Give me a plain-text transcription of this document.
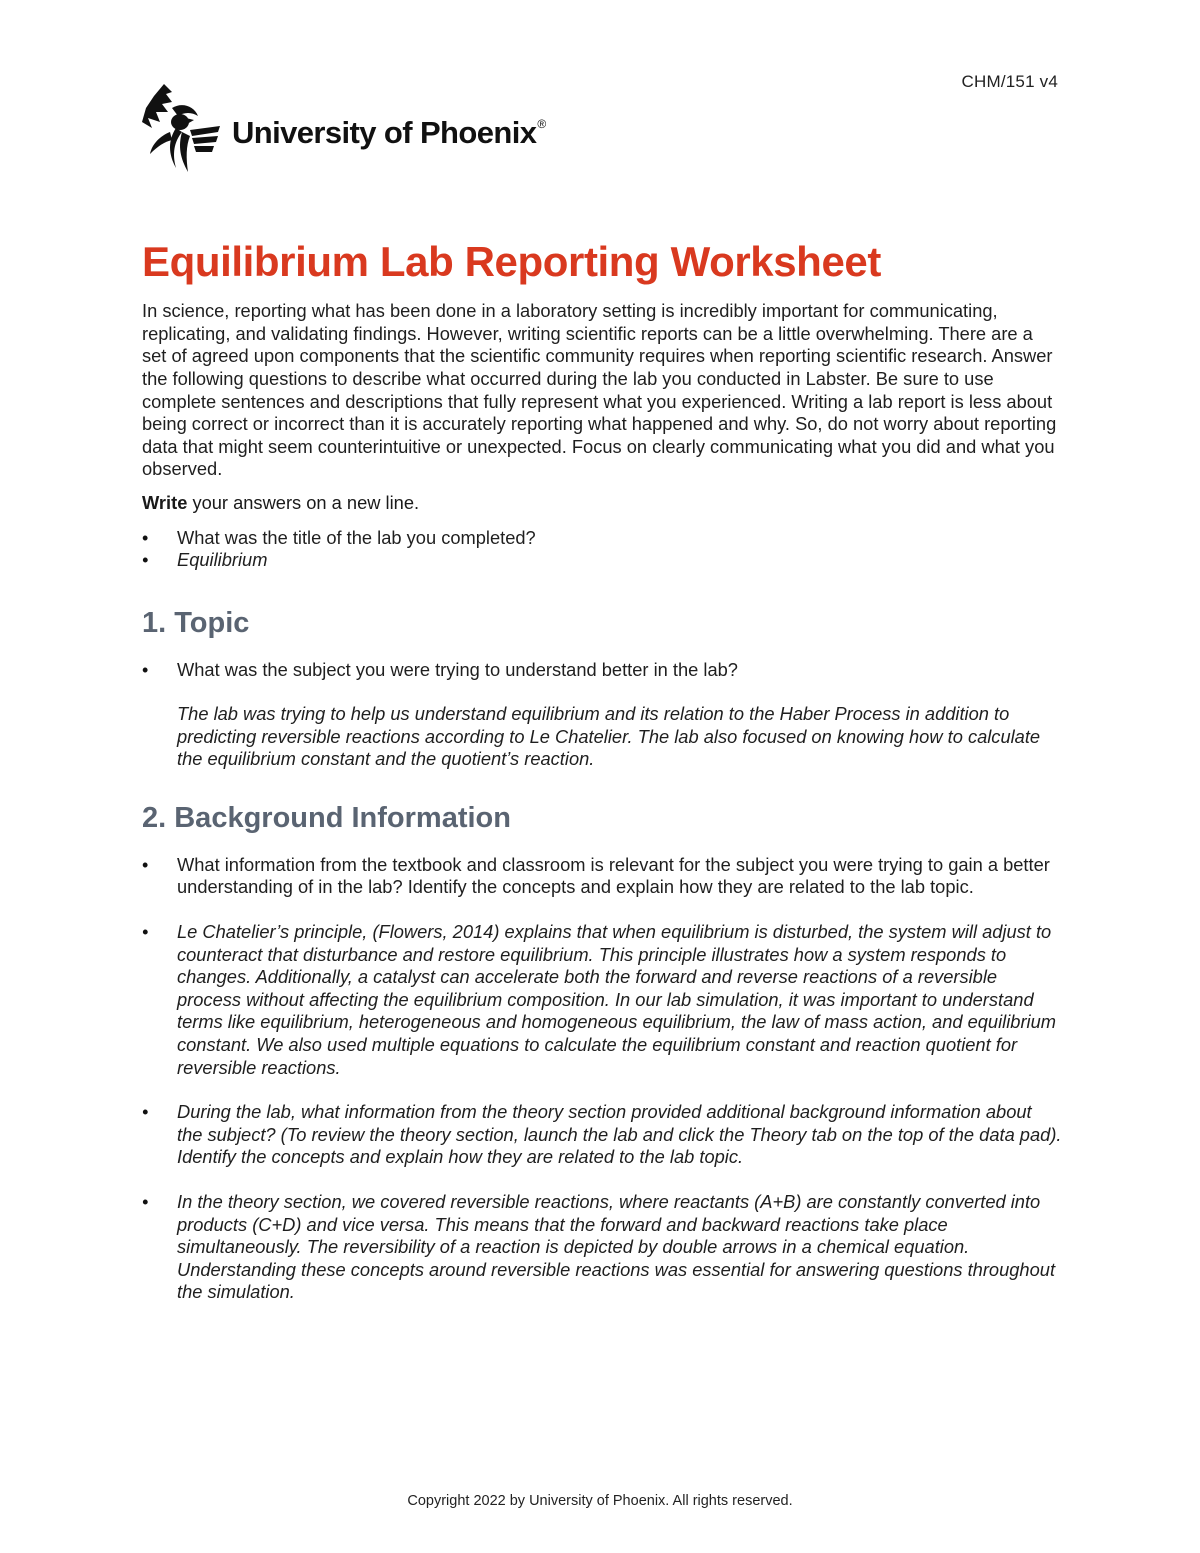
CHM/151 v4
University of Phoenix®
Equilibrium Lab Reporting Worksheet

In science, reporting what has been done in a laboratory setting is incredibly important for communicating, replicating, and validating findings. However, writing scientific reports can be a little overwhelming. There are a set of agreed upon components that the scientific community requires when reporting scientific research. Answer the following questions to describe what occurred during the lab you conducted in Labster. Be sure to use complete sentences and descriptions that fully represent what you experienced. Writing a lab report is less about being correct or incorrect than it is accurately reporting what happened and why. So, do not worry about reporting data that might seem counterintuitive or unexpected. Focus on clearly communicating what you did and what you observed.

Write your answers on a new line.

• What was the title of the lab you completed?
• Equilibrium
1. Topic
• What was the subject you were trying to understand better in the lab?

The lab was trying to help us understand equilibrium and its relation to the Haber Process in addition to predicting reversible reactions according to Le Chatelier. The lab also focused on knowing how to calculate the equilibrium constant and the quotient’s reaction.

2. Background Information
• What information from the textbook and classroom is relevant for the subject you were trying to gain a better understanding of in the lab? Identify the concepts and explain how they are related to the lab topic.
• Le Chatelier’s principle, (Flowers, 2014) explains that when equilibrium is disturbed, the system will adjust to counteract that disturbance and restore equilibrium. This principle illustrates how a system responds to changes. Additionally, a catalyst can accelerate both the forward and reverse reactions of a reversible process without affecting the equilibrium composition. In our lab simulation, it was important to understand terms like equilibrium, heterogeneous and homogeneous equilibrium, the law of mass action, and equilibrium constant. We also used multiple equations to calculate the equilibrium constant and reaction quotient for reversible reactions.
• During the lab, what information from the theory section provided additional background information about the subject? (To review the theory section, launch the lab and click the Theory tab on the top of the data pad). Identify the concepts and explain how they are related to the lab topic.
• In the theory section, we covered reversible reactions, where reactants (A+B) are constantly converted into products (C+D) and vice versa. This means that the forward and backward reactions take place simultaneously. The reversibility of a reaction is depicted by double arrows in a chemical equation. Understanding these concepts around reversible reactions was essential for answering questions throughout the simulation.
Copyright 2022 by University of Phoenix. All rights reserved.
